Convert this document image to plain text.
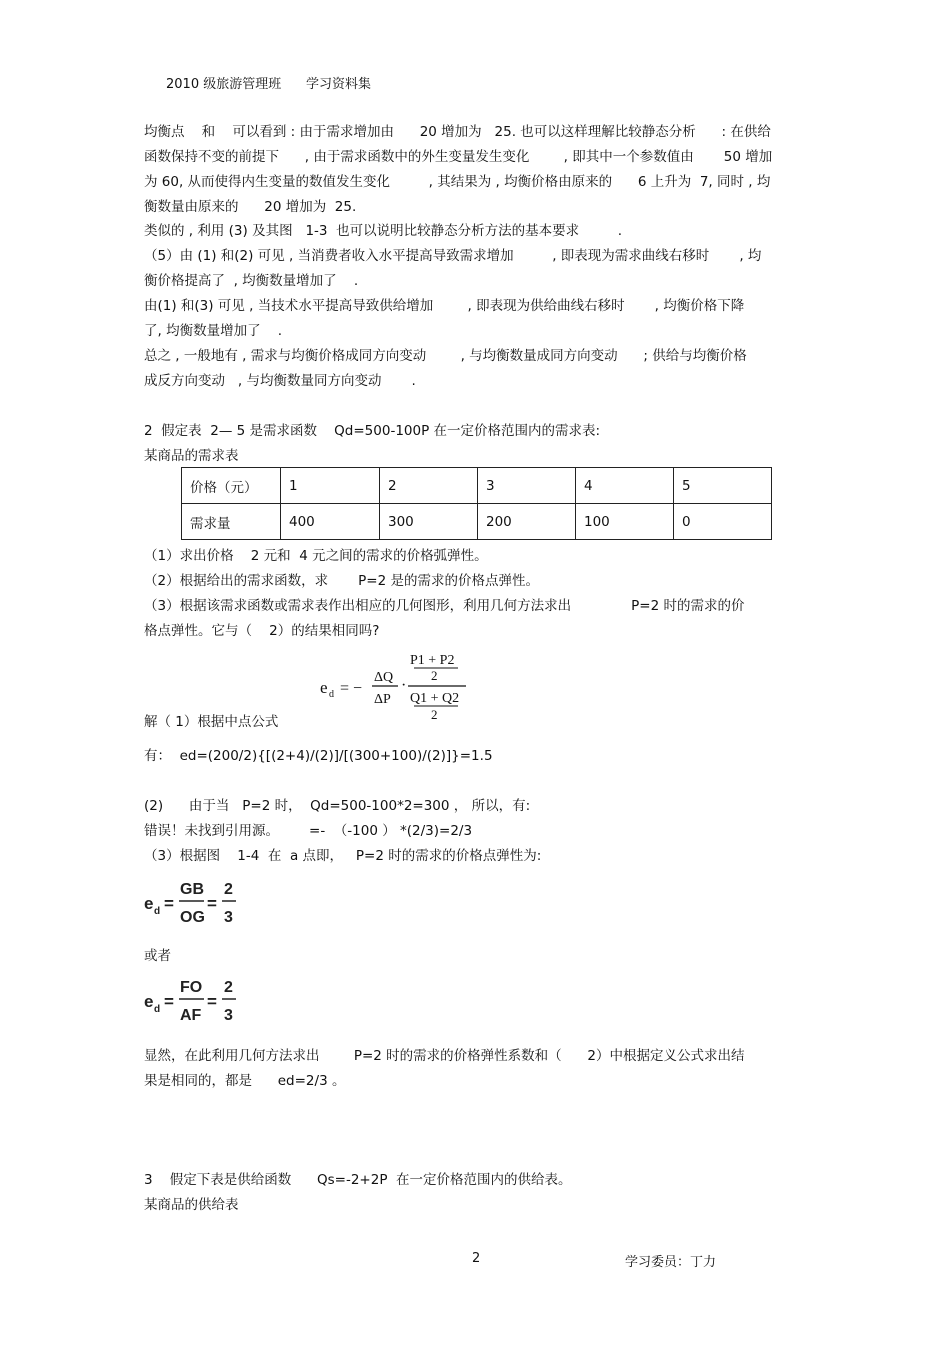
2010 级旅游管理班      学习资料集
均衡点    和    可以看到 : 由于需求增加由      20 增加为   25. 也可以这样理解比较静态分析      : 在供给
函数保持不变的前提下      , 由于需求函数中的外生变量发生变化        , 即其中一个参数值由       50 增加
为 60, 从而使得内生变量的数值发生变化         , 其结果为 , 均衡价格由原来的      6 上升为  7, 同时 , 均
衡数量由原来的      20 增加为  25.
类似的 , 利用 (3) 及其图   1-3  也可以说明比较静态分析方法的基本要求         .
（5）由 (1) 和(2) 可见 , 当消费者收入水平提高导致需求增加         , 即表现为需求曲线右移时       , 均
衡价格提高了  , 均衡数量增加了    .
由(1) 和(3) 可见 , 当技术水平提高导致供给增加        , 即表现为供给曲线右移时       , 均衡价格下降
了, 均衡数量增加了    .
总之 , 一般地有 , 需求与均衡价格成同方向变动        , 与均衡数量成同方向变动      ; 供给与均衡价格
成反方向变动   , 与均衡数量同方向变动       .
2  假定表  2— 5 是需求函数    Qd=500-100P 在一定价格范围内的需求表:
某商品的需求表
价格（元）	1	2	3	4	5
需求量	400	300	200	100	0
（1）求出价格    2 元和  4 元之间的需求的价格弧弹性。
（2）根据给出的需求函数，求       P=2 是的需求的价格点弹性。
（3）根据该需求函数或需求表作出相应的几何图形，利用几何方法求出              P=2 时的需求的价
格点弹性。它与（    2）的结果相同吗?
e d = −
ΔQ
ΔP
·
P1 + P2
2
Q1 + Q2
2
解（ 1）根据中点公式
有：  ed=(200/2){[(2+4)/(2)]/[(300+100)/(2)]}=1.5
(2)      由于当   P=2 时，  Qd=500-100*2=300 ， 所以，有:
错误！未找到引用源。       =-  （-100 ） *(2/3)=2/3
（3）根据图    1-4  在  a 点即，   P=2 时的需求的价格点弹性为:
e d =
GB
OG
=
2
3
或者
e d =
FO
AF
=
2
3
显然，在此利用几何方法求出        P=2 时的需求的价格弹性系数和（      2）中根据定义公式求出结
果是相同的，都是      ed=2/3 。
3    假定下表是供给函数      Qs=-2+2P  在一定价格范围内的供给表。
某商品的供给表
2	学习委员：丁力
